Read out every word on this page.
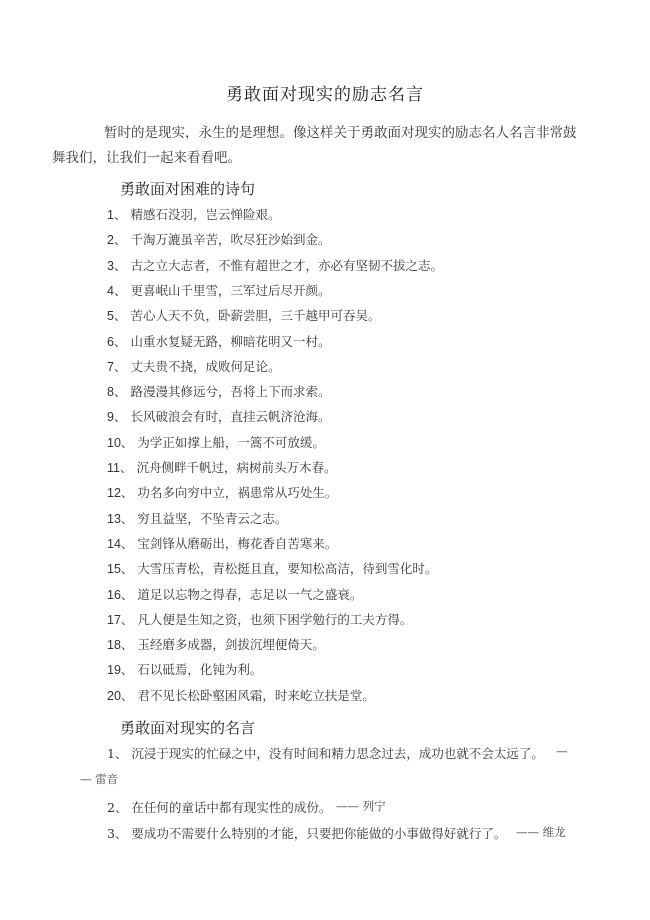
勇敢面对现实的励志名言
暂时的是现实，永生的是理想。像这样关于勇敢面对现实的励志名人名言非常鼓
舞我们，让我们一起来看看吧。
勇敢面对困难的诗句
1、 精感石没羽，岂云惮险艰。
2、 千淘万漉虽辛苦，吹尽狂沙始到金。
3、 古之立大志者，不惟有超世之才，亦必有坚韧不拔之志。
4、 更喜岷山千里雪，三军过后尽开颜。
5、 苦心人天不负，卧薪尝胆，三千越甲可吞吴。
6、 山重水复疑无路，柳暗花明又一村。
7、 丈夫贵不挠，成败何足论。
8、 路漫漫其修远兮，吾将上下而求索。
9、 长风破浪会有时，直挂云帆济沧海。
10、 为学正如撑上船，一篙不可放缓。
11、 沉舟侧畔千帆过，病树前头万木春。
12、 功名多向穷中立，祸患常从巧处生。
13、 穷且益坚，不坠青云之志。
14、 宝剑锋从磨砺出，梅花香自苦寒来。
15、 大雪压青松，青松挺且直，要知松高洁，待到雪化时。
16、 道足以忘物之得春，志足以一气之盛衰。
17、 凡人便是生知之资，也须下困学勉行的工夫方得。
18、 玉经磨多成器，剑拔沉埋便倚天。
19、 石以砥焉，化钝为利。
20、 君不见长松卧壑困风霜，时来屹立扶是堂。
勇敢面对现实的名言
1、 沉浸于现实的忙碌之中，没有时间和精力思念过去，成功也就不会太远了。 —
— 雷音
2、 在任何的童话中都有现实性的成份。 —— 列宁
3、 要成功不需要什么特别的才能，只要把你能做的小事做得好就行了。 —— 维龙
